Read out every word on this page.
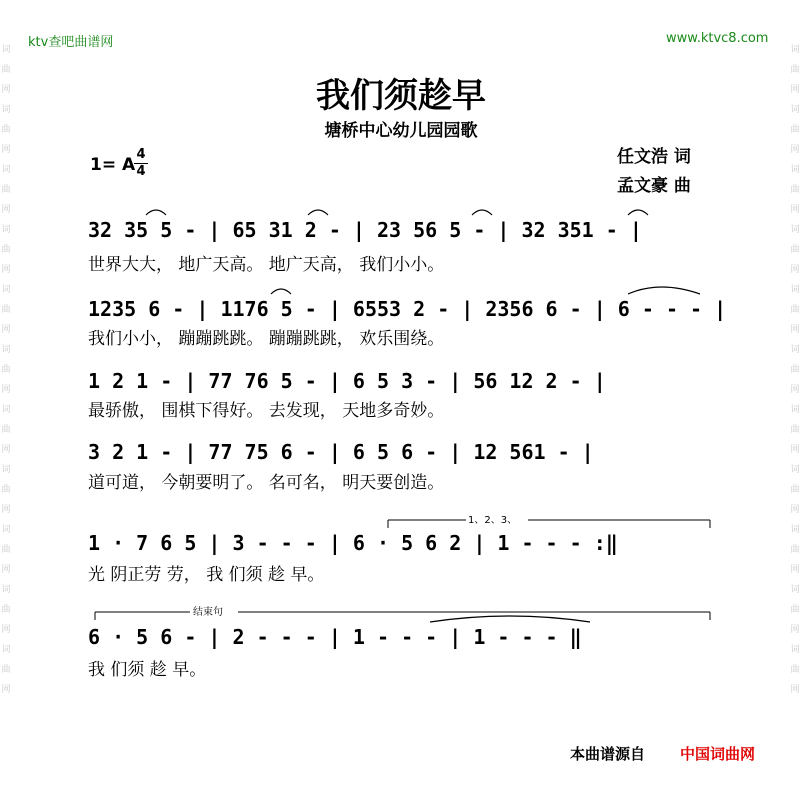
词曲网词曲网词曲网词曲网词曲网词曲网词曲网词曲网词曲网词曲网词曲网
词曲网词曲网词曲网词曲网词曲网词曲网词曲网词曲网词曲网词曲网词曲网
ktv查吧曲谱网	www.ktvc8.com
我们须趁早
塘桥中心幼儿园园歌
任文浩 词
孟文豪 曲
1= A
4
4
32 35 5 - | 65 31 2 - | 23 56 5 - | 32 351 - |
世界大大， 地广天高。 地广天高， 我们小小。
1235 6 - | 1176 5 - | 6553 2 - | 2356 6 - | 6 - - - |
我们小小， 蹦蹦跳跳。 蹦蹦跳跳， 欢乐围绕。
1 2 1 - | 77 76 5 - | 6 5 3 - | 56 12 2 - |
最骄傲， 围棋下得好。 去发现， 天地多奇妙。
3 2 1 - | 77 75 6 - | 6 5 6 - | 12 561 - |
道可道， 今朝要明了。 名可名， 明天要创造。
1 · 7 6 5 | 3 - - - | 6 · 5 6 2 | 1 - - - :‖
光 阴正劳 劳， 我 们须 趁 早。
6 · 5 6 - | 2 - - - | 1 - - - | 1 - - - ‖
我 们须 趁 早。
1、2、3、
结束句
本曲谱源自 中国词曲网
